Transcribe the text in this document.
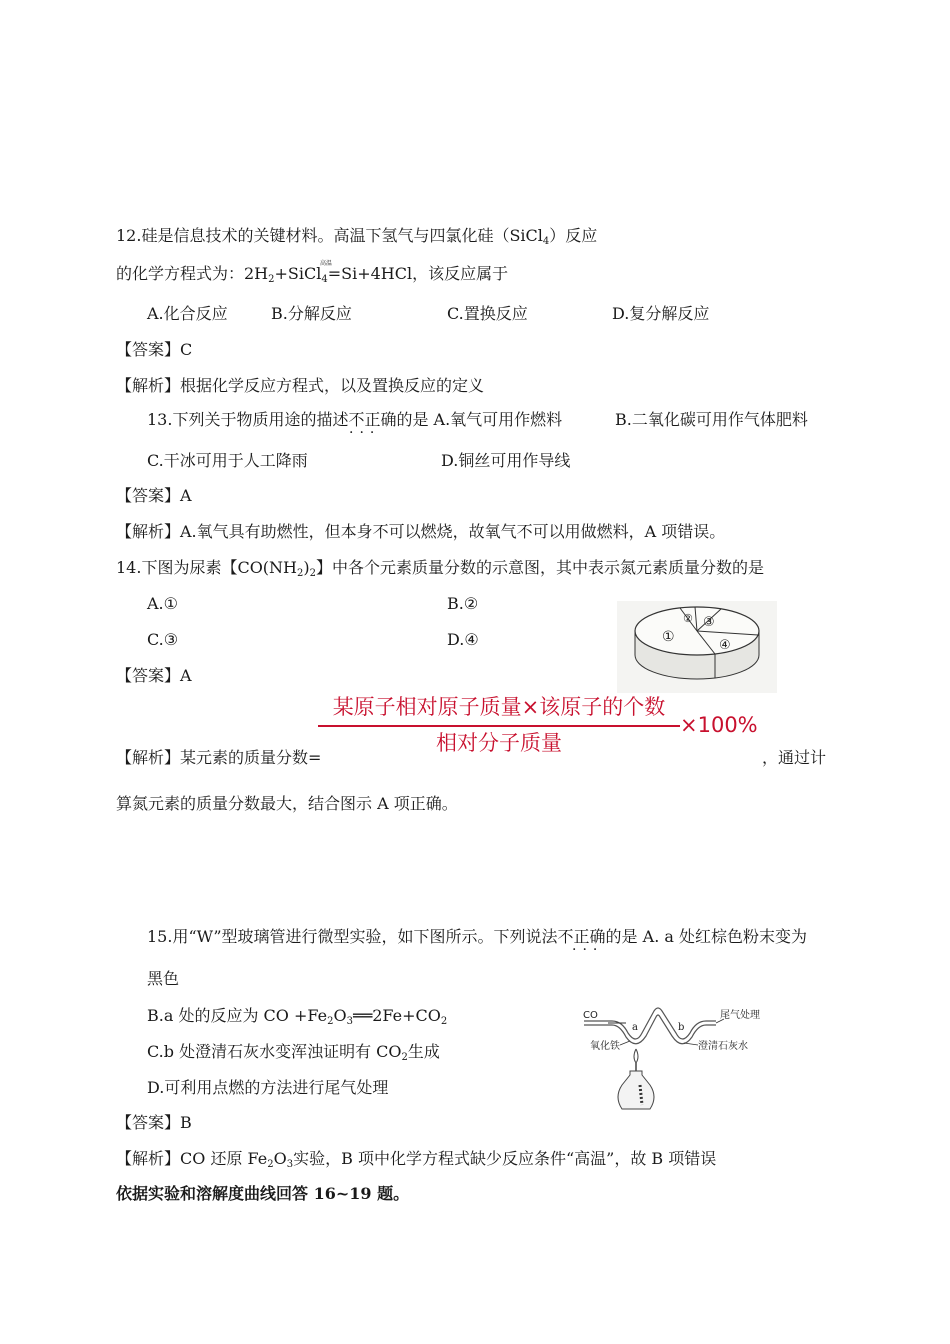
12.硅是信息技术的关键材料。高温下氢气与四氯化硅（SiCl$_4$）反应
的化学方程式为：$2H_2+SiCl_4=Si+4HCl$，该反应属于
高温
A.化合反应	B.分解反应	C.置换反应	D.复分解反应
【答案】C
【解析】根据化学反应方程式，以及置换反应的定义
13.下列关于物质用途的描述不正确的是 A.氧气可用作燃料
···
B.二氧化碳可用作气体肥料
C.干冰可用于人工降雨	D.铜丝可用作导线
【答案】A
【解析】A.氧气具有助燃性，但本身不可以燃烧，故氧气不可以用做燃料，A 项错误。
14.下图为尿素【$CO(NH_2)_2$】中各个元素质量分数的示意图，其中表示氮元素质量分数的是
A.①	B.②
C.③	D.④	①
② ③
④
【答案】A
某原子相对原子质量×该原子的个数
相对分子质量
×100%
【解析】某元素的质量分数=	，通过计
算氮元素的质量分数最大，结合图示 A 项正确。
15.用“W”型玻璃管进行微型实验，如下图所示。下列说法不正确的是 A. a 处红棕色粉末变为
···
黑色
B.a 处的反应为 CO $+Fe_2O_3══2Fe+CO_2$
C.b 处澄清石灰水变浑浊证明有 $CO_2$生成
D.可利用点燃的方法进行尾气处理
CO
a	b
尾气处理
氧化铁	澄清石灰水
【答案】B
【解析】CO 还原 $Fe_2O_3$实验，B 项中化学方程式缺少反应条件“高温”，故 B 项错误
依据实验和溶解度曲线回答 16~19 题。
